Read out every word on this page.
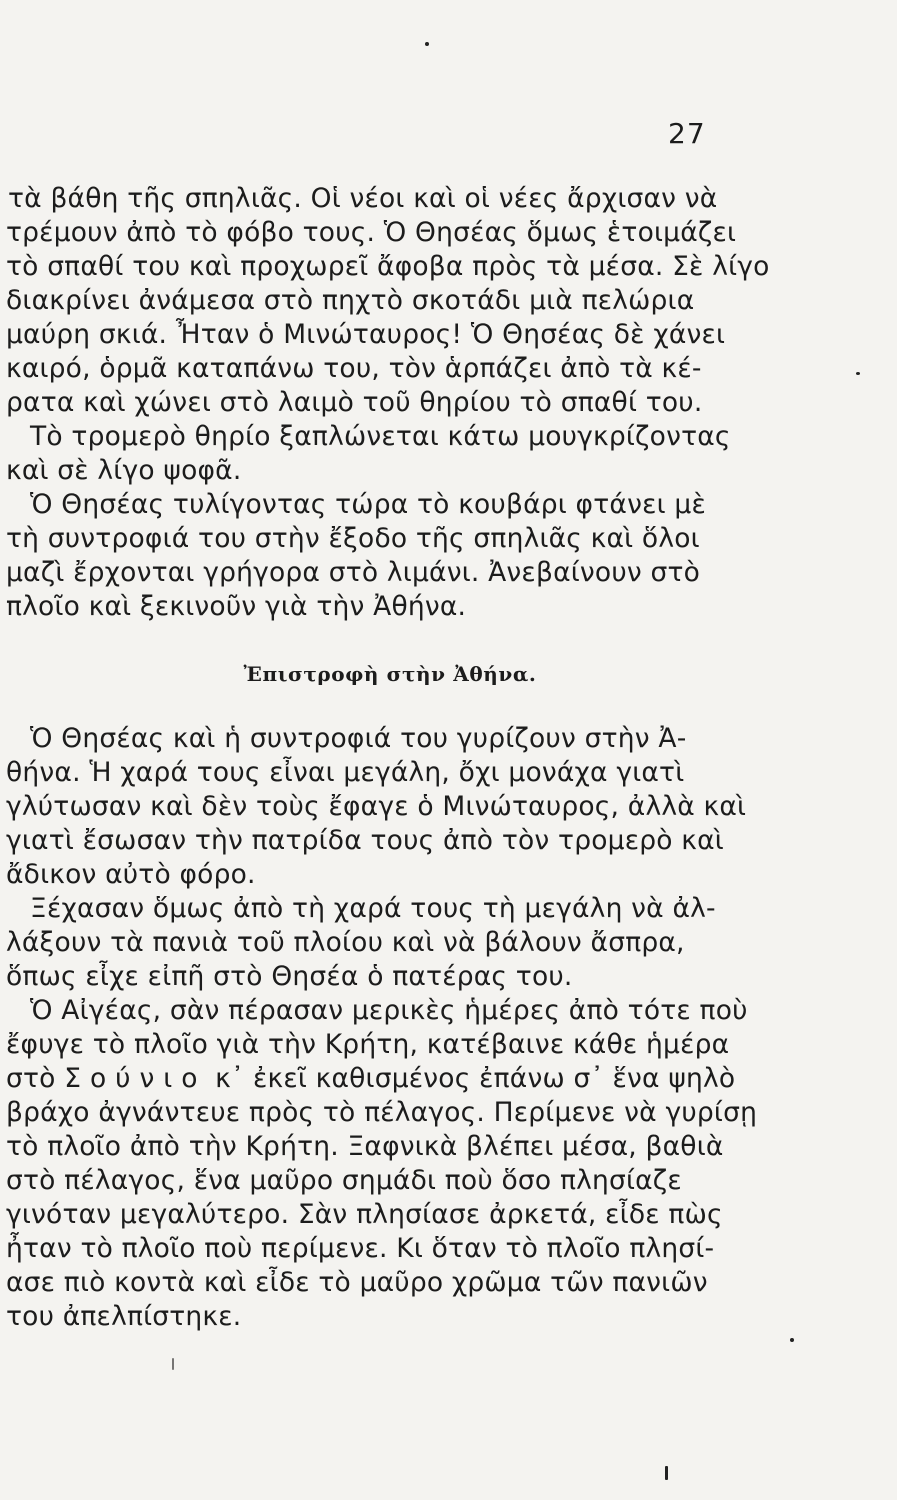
27
τὰ βάθη τῆς σπηλιᾶς. Οἱ νέοι καὶ οἱ νέες ἄρχισαν νὰ
τρέμουν ἀπὸ τὸ φόβο τους. Ὁ Θησέας ὅμως ἑτοιμάζει
τὸ σπαθί του καὶ προχωρεῖ ἄφοβα πρὸς τὰ μέσα. Σὲ λίγο
διακρίνει ἀνάμεσα στὸ πηχτὸ σκοτάδι μιὰ πελώρια
μαύρη σκιά. Ἦταν ὁ Μινώταυρος! Ὁ Θησέας δὲ χάνει
καιρό, ὁρμᾶ καταπάνω του, τὸν ἁρπάζει ἀπὸ τὰ κέ-
ρατα καὶ χώνει στὸ λαιμὸ τοῦ θηρίου τὸ σπαθί του.
Τὸ τρομερὸ θηρίο ξαπλώνεται κάτω μουγκρίζοντας
καὶ σὲ λίγο ψοφᾶ.
Ὁ Θησέας τυλίγοντας τώρα τὸ κουβάρι φτάνει μὲ
τὴ συντροφιά του στὴν ἔξοδο τῆς σπηλιᾶς καὶ ὅλοι
μαζὶ ἔρχονται γρήγορα στὸ λιμάνι. Ἀνεβαίνουν στὸ
πλοῖο καὶ ξεκινοῦν γιὰ τὴν Ἀθήνα.
Ἐπιστροφὴ στὴν Ἀθήνα.
Ὁ Θησέας καὶ ἡ συντροφιά του γυρίζουν στὴν Ἀ-
θήνα. Ἡ χαρά τους εἶναι μεγάλη, ὄχι μονάχα γιατὶ
γλύτωσαν καὶ δὲν τοὺς ἔφαγε ὁ Μινώταυρος, ἀλλὰ καὶ
γιατὶ ἔσωσαν τὴν πατρίδα τους ἀπὸ τὸν τρομερὸ καὶ
ἄδικον αὐτὸ φόρο.
Ξέχασαν ὅμως ἀπὸ τὴ χαρά τους τὴ μεγάλη νὰ ἀλ-
λάξουν τὰ πανιὰ τοῦ πλοίου καὶ νὰ βάλουν ἄσπρα,
ὅπως εἶχε εἰπῆ στὸ Θησέα ὁ πατέρας του.
Ὁ Αἰγέας, σὰν πέρασαν μερικὲς ἡμέρες ἀπὸ τότε ποὺ
ἔφυγε τὸ πλοῖο γιὰ τὴν Κρήτη, κατέβαινε κάθε ἡμέρα
στὸ Σούνιο κ᾿ ἐκεῖ καθισμένος ἐπάνω σ᾿ ἕνα ψηλὸ
βράχο ἀγνάντευε πρὸς τὸ πέλαγος. Περίμενε νὰ γυρίσῃ
τὸ πλοῖο ἀπὸ τὴν Κρήτη. Ξαφνικὰ βλέπει μέσα, βαθιὰ
στὸ πέλαγος, ἕνα μαῦρο σημάδι ποὺ ὅσο πλησίαζε
γινόταν μεγαλύτερο. Σὰν πλησίασε ἀρκετά, εἶδε πὼς
ἦταν τὸ πλοῖο ποὺ περίμενε. Κι ὅταν τὸ πλοῖο πλησί-
ασε πιὸ κοντὰ καὶ εἶδε τὸ μαῦρο χρῶμα τῶν πανιῶν
του ἀπελπίστηκε.
